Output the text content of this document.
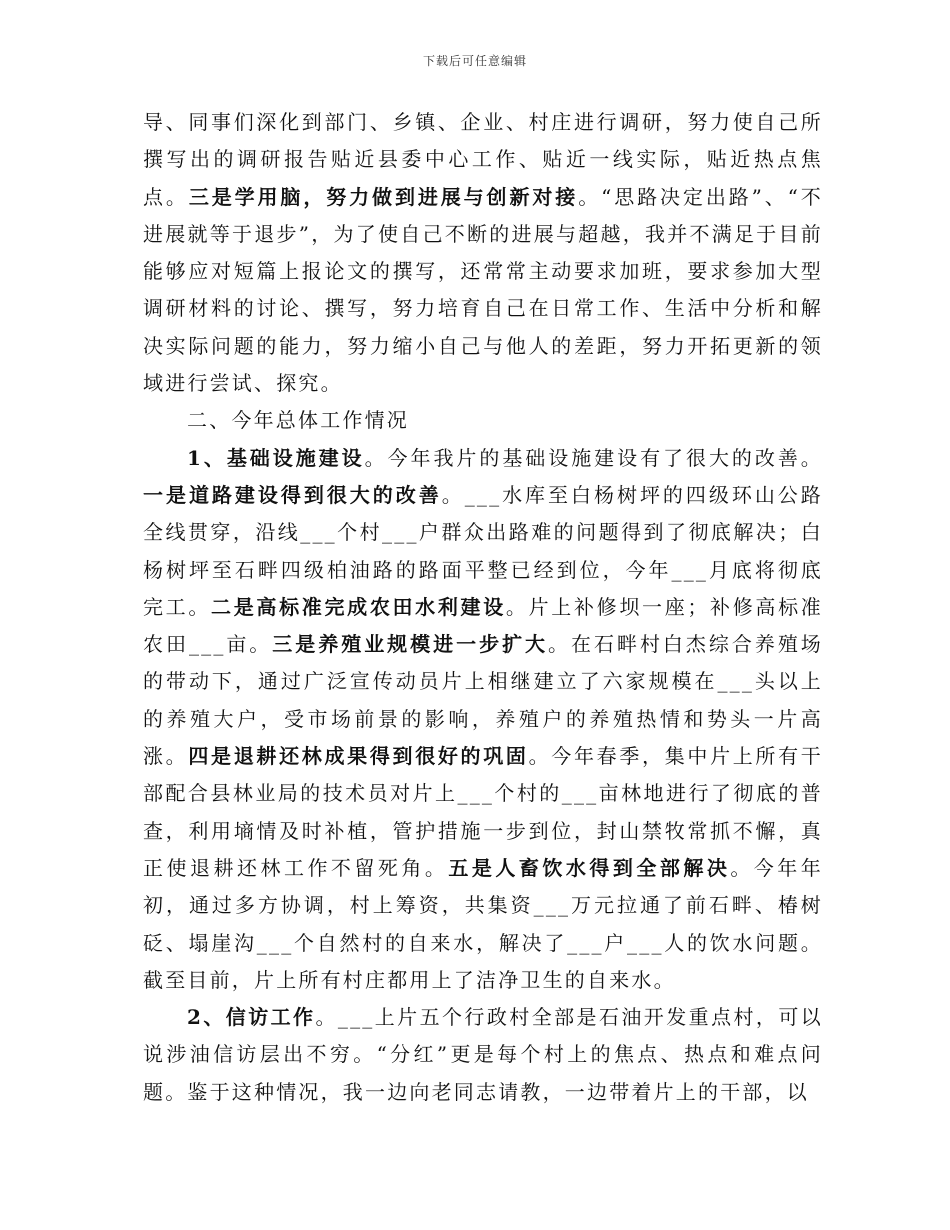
下载后可任意编辑

导、同事们深化到部门、乡镇、企业、村庄进行调研，努力使自己所撰写出的调研报告贴近县委中心工作、贴近一线实际，贴近热点焦点。三是学用脑，努力做到进展与创新对接。“思路决定出路”、“不进展就等于退步”，为了使自己不断的进展与超越，我并不满足于目前能够应对短篇上报论文的撰写，还常常主动要求加班，要求参加大型调研材料的讨论、撰写，努力培育自己在日常工作、生活中分析和解决实际问题的能力，努力缩小自己与他人的差距，努力开拓更新的领域进行尝试、探究。

二、今年总体工作情况

1、基础设施建设。今年我片的基础设施建设有了很大的改善。一是道路建设得到很大的改善。___水库至白杨树坪的四级环山公路全线贯穿，沿线___个村___户群众出路难的问题得到了彻底解决；白杨树坪至石畔四级柏油路的路面平整已经到位，今年___月底将彻底完工。二是高标准完成农田水利建设。片上补修坝一座；补修高标准农田___亩。三是养殖业规模进一步扩大。在石畔村白杰综合养殖场的带动下，通过广泛宣传动员片上相继建立了六家规模在___头以上的养殖大户，受市场前景的影响，养殖户的养殖热情和势头一片高涨。四是退耕还林成果得到很好的巩固。今年春季，集中片上所有干部配合县林业局的技术员对片上___个村的___亩林地进行了彻底的普查，利用墒情及时补植，管护措施一步到位，封山禁牧常抓不懈，真正使退耕还林工作不留死角。五是人畜饮水得到全部解决。今年年初，通过多方协调，村上筹资，共集资___万元拉通了前石畔、椿树砭、塌崖沟___个自然村的自来水，解决了___户___人的饮水问题。截至目前，片上所有村庄都用上了洁净卫生的自来水。

2、信访工作。___上片五个行政村全部是石油开发重点村，可以说涉油信访层出不穷。“分红”更是每个村上的焦点、热点和难点问题。鉴于这种情况，我一边向老同志请教，一边带着片上的干部，以
